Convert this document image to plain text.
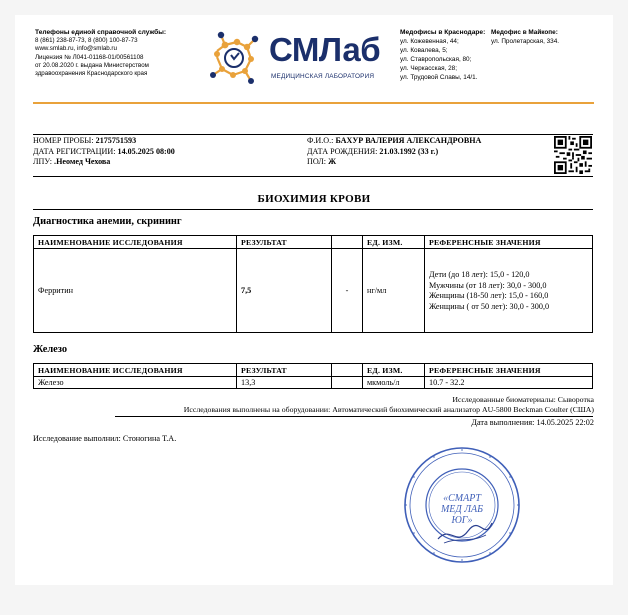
Телефоны единой справочной службы:
8 (861) 238-87-73, 8 (800) 100-87-73
www.smlab.ru, info@smlab.ru
Лицензия № Л041-01168-01/00561108
от 20.08.2020 г. выдана Министерством
здравоохранения Краснодарского края
СМЛаб
МЕДИЦИНСКАЯ ЛАБОРАТОРИЯ
Медофисы в Краснодаре:
ул. Кожевенная, 44;
ул. Ковалева, 5;
ул. Ставропольская, 80;
ул. Черкасская, 28;
ул. Трудовой Славы, 14/1.
Медофис в Майкопе:
ул. Пролетарская, 334.
НОМЕР ПРОБЫ: 2175751593
ДАТА РЕГИСТРАЦИИ: 14.05.2025 08:00
ЛПУ: .Неомед Чехова
Ф.И.О.: БАХУР ВАЛЕРИЯ АЛЕКСАНДРОВНА
ДАТА РОЖДЕНИЯ: 21.03.1992 (33 г.)
ПОЛ: Ж
БИОХИМИЯ КРОВИ
Диагностика анемии, скрининг
НАИМЕНОВАНИЕ ИССЛЕДОВАНИЯ	РЕЗУЛЬТАТ		ЕД. ИЗМ.	РЕФЕРЕНСНЫЕ ЗНАЧЕНИЯ
Ферритин	7,5	-	нг/мл	Дети (до 18 лет): 15,0 - 120,0
Мужчины (от 18 лет): 30,0 - 300,0
Женщины (18-50 лет): 15,0 - 160,0
Женщины ( от 50 лет): 30,0 - 300,0
Железо
НАИМЕНОВАНИЕ ИССЛЕДОВАНИЯ	РЕЗУЛЬТАТ		ЕД. ИЗМ.	РЕФЕРЕНСНЫЕ ЗНАЧЕНИЯ
Железо	13,3		мкмоль/л	10.7 - 32.2
Исследованные биоматериалы: Сыворотка
Исследования выполнены на оборудовании: Автоматический биохимический анализатор AU-5800 Beckman Coulter (США)
Дата выполнения: 14.05.2025 22:02
Исследование выполнил: Стоногина Т.А.
«СМАРТ
МЕД ЛАБ
ЮГ»
